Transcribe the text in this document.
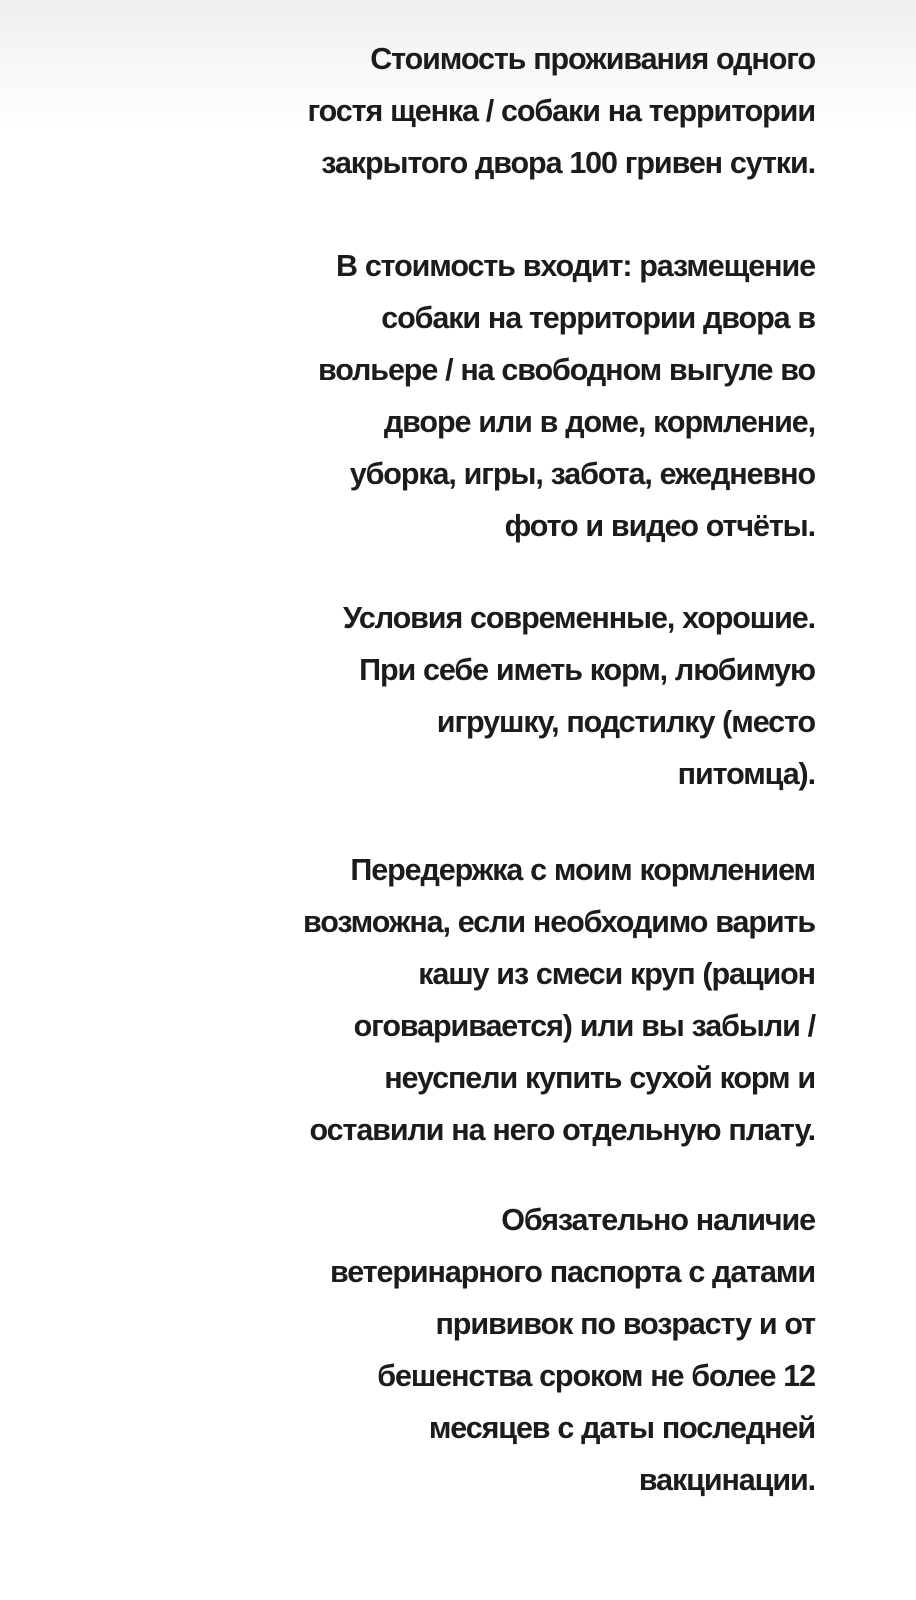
Стоимость проживания одного
гостя щенка / собаки на территории
закрытого двора 100 гривен сутки.

В стоимость входит: размещение
собаки на территории двора в
вольере / на свободном выгуле во
дворе или в доме, кормление,
уборка, игры, забота, ежедневно
фото и видео отчёты.

Условия современные, хорошие.
При себе иметь корм, любимую
игрушку, подстилку (место
питомца).

Передержка с моим кормлением
возможна, если необходимо варить
кашу из смеси круп (рацион
оговаривается) или вы забыли /
неуспели купить сухой корм и
оставили на него отдельную плату.

Обязательно наличие
ветеринарного паспорта с датами
прививок по возрасту и от
бешенства сроком не более 12
месяцев с даты последней
вакцинации.
